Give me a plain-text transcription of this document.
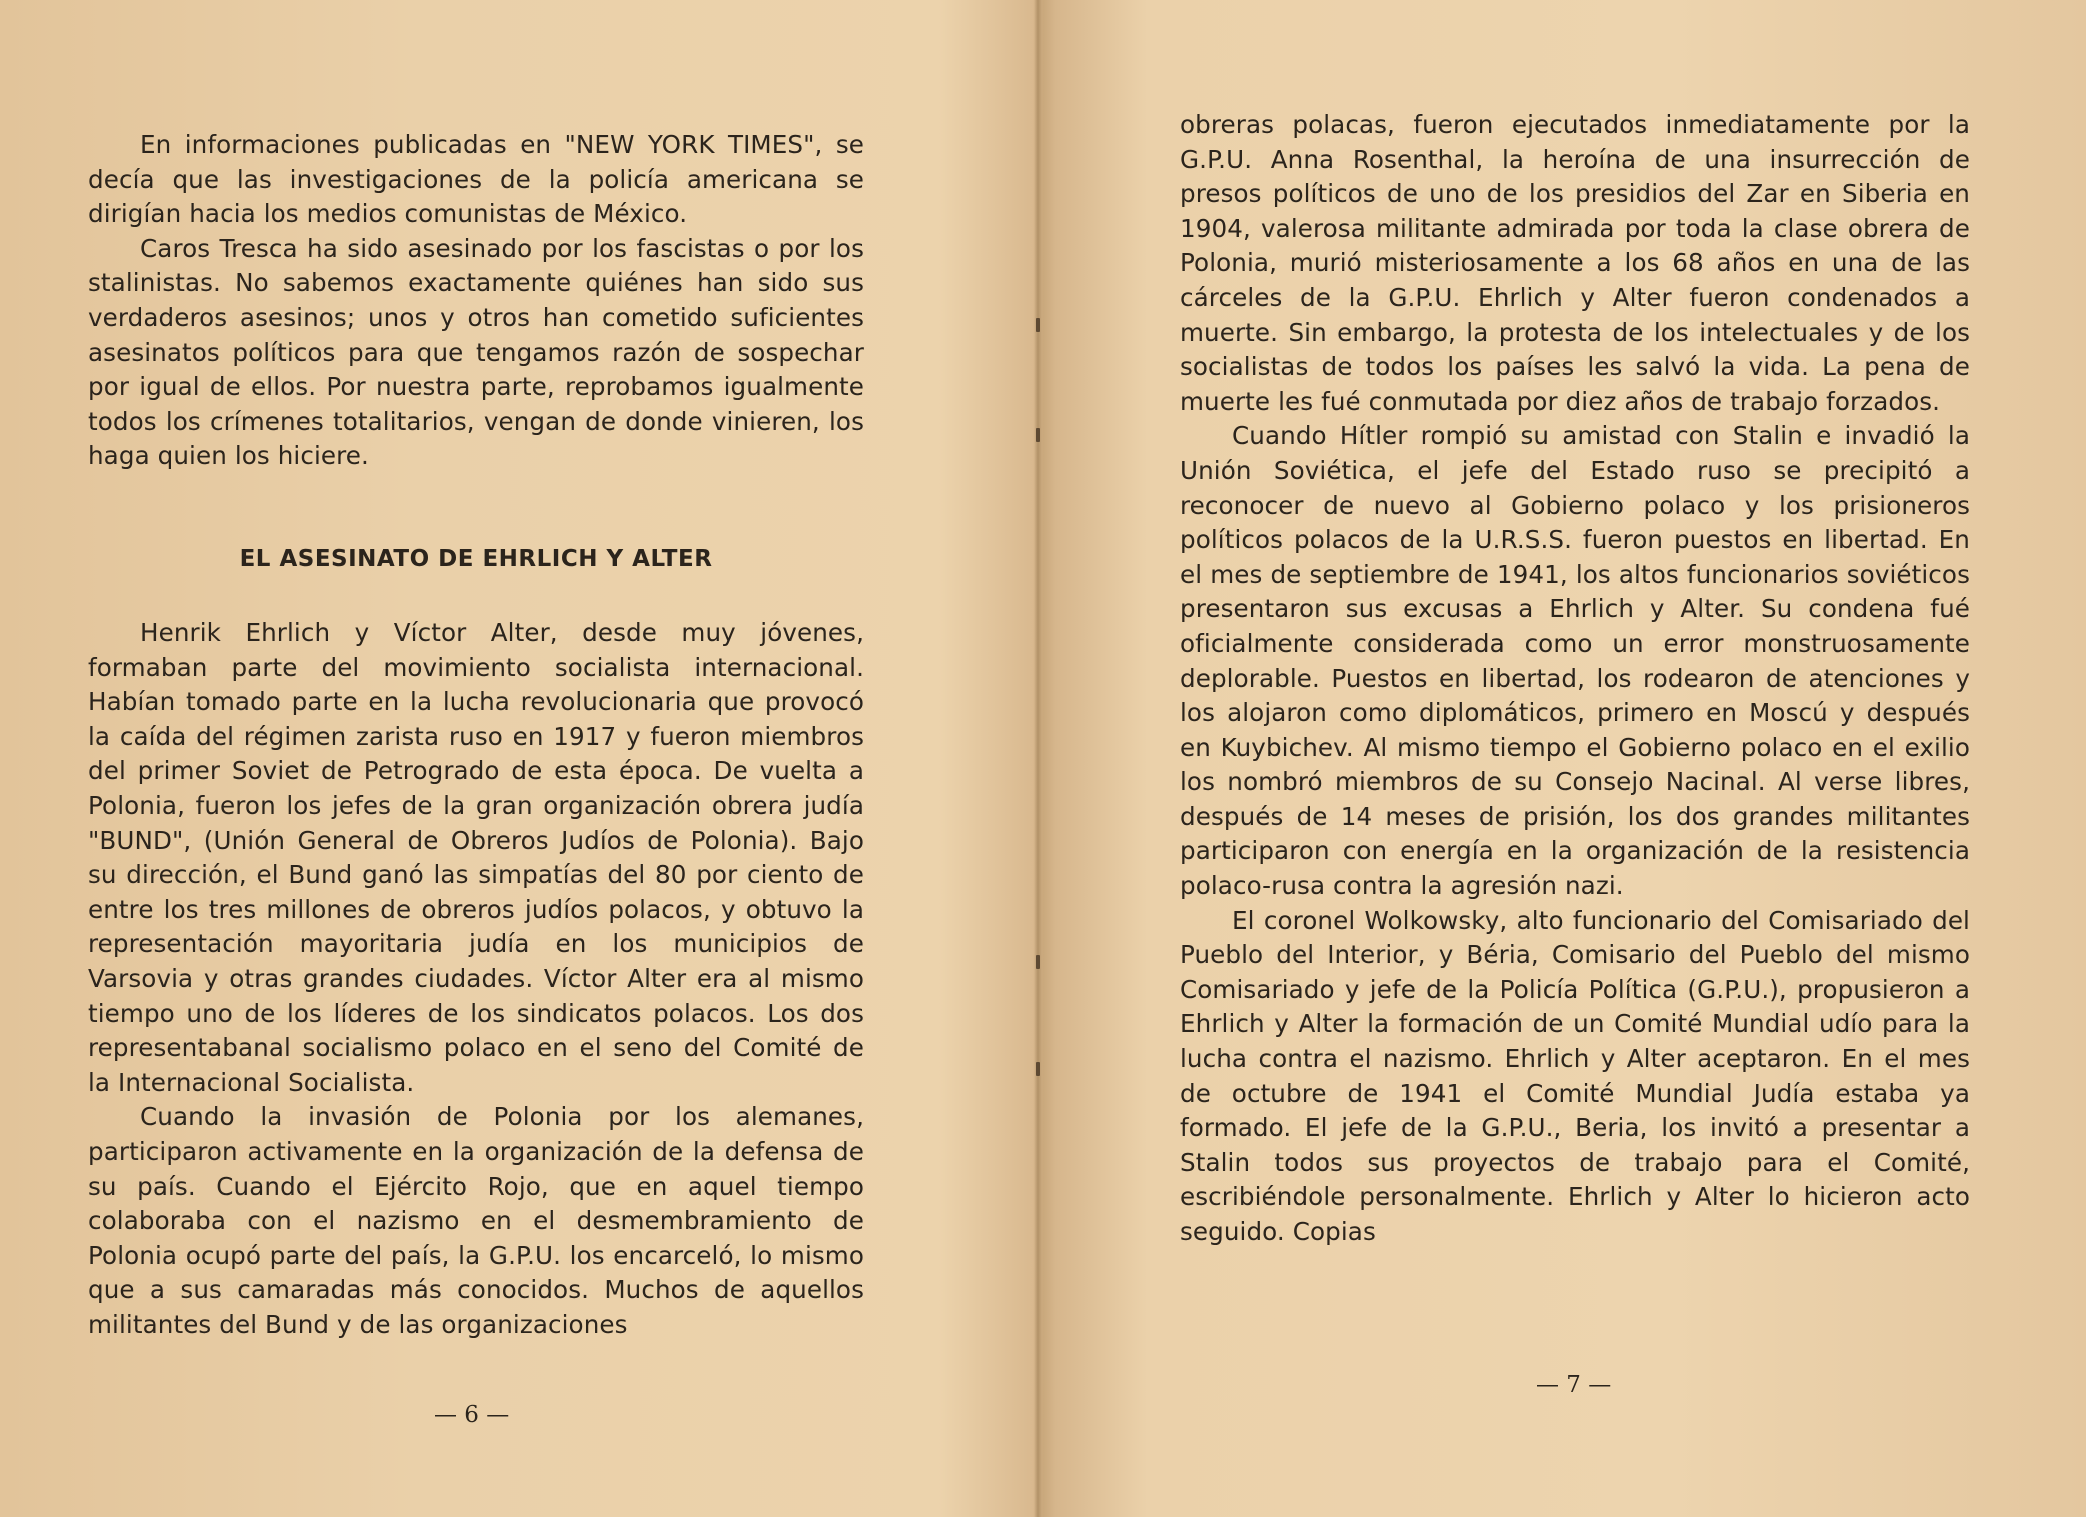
En informaciones publicadas en "NEW YORK TIMES", se decía que las investigaciones de la policía americana se dirigían hacia los medios comunistas de México.

Caros Tresca ha sido asesinado por los fascistas o por los stalinistas. No sabemos exactamente quiénes han sido sus verdaderos asesinos; unos y otros han cometido suficientes asesinatos políticos para que tengamos razón de sospechar por igual de ellos. Por nuestra parte, reprobamos igualmente todos los crímenes totalitarios, vengan de donde vinieren, los haga quien los hiciere.

EL ASESINATO DE EHRLICH Y ALTER

Henrik Ehrlich y Víctor Alter, desde muy jóvenes, formaban parte del movimiento socialista internacional. Habían tomado parte en la lucha revolucionaria que provocó la caída del régimen zarista ruso en 1917 y fueron miembros del primer Soviet de Petrogrado de esta época. De vuelta a Polonia, fueron los jefes de la gran organización obrera judía "BUND", (Unión General de Obreros Judíos de Polonia). Bajo su dirección, el Bund ganó las simpatías del 80 por ciento de entre los tres millones de obreros judíos polacos, y obtuvo la representación mayoritaria judía en los municipios de Varsovia y otras grandes ciudades. Víctor Alter era al mismo tiempo uno de los líderes de los sindicatos polacos. Los dos representabanal socialismo polaco en el seno del Comité de la Internacional Socialista.

Cuando la invasión de Polonia por los alemanes, participaron activamente en la organización de la defensa de su país. Cuando el Ejército Rojo, que en aquel tiempo colaboraba con el nazismo en el desmembramiento de Polonia ocupó parte del país, la G.P.U. los encarceló, lo mismo que a sus camaradas más conocidos. Muchos de aquellos militantes del Bund y de las organizaciones

— 6 —

obreras polacas, fueron ejecutados inmediatamente por la G.P.U. Anna Rosenthal, la heroína de una insurrección de presos políticos de uno de los presidios del Zar en Siberia en 1904, valerosa militante admirada por toda la clase obrera de Polonia, murió misteriosamente a los 68 años en una de las cárceles de la G.P.U. Ehrlich y Alter fueron condenados a muerte. Sin embargo, la protesta de los intelectuales y de los socialistas de todos los países les salvó la vida. La pena de muerte les fué conmutada por diez años de trabajo forzados.

Cuando Hítler rompió su amistad con Stalin e invadió la Unión Soviética, el jefe del Estado ruso se precipitó a reconocer de nuevo al Gobierno polaco y los prisioneros políticos polacos de la U.R.S.S. fueron puestos en libertad. En el mes de septiembre de 1941, los altos funcionarios soviéticos presentaron sus excusas a Ehrlich y Alter. Su condena fué oficialmente considerada como un error monstruosamente deplorable. Puestos en libertad, los rodearon de atenciones y los alojaron como diplomáticos, primero en Moscú y después en Kuybichev. Al mismo tiempo el Gobierno polaco en el exilio los nombró miembros de su Consejo Nacinal. Al verse libres, después de 14 meses de prisión, los dos grandes militantes participaron con energía en la organización de la resistencia polaco-rusa contra la agresión nazi.

El coronel Wolkowsky, alto funcionario del Comisariado del Pueblo del Interior, y Béria, Comisario del Pueblo del mismo Comisariado y jefe de la Policía Política (G.P.U.), propusieron a Ehrlich y Alter la formación de un Comité Mundial udío para la lucha contra el nazismo. Ehrlich y Alter aceptaron. En el mes de octubre de 1941 el Comité Mundial Judía estaba ya formado. El jefe de la G.P.U., Beria, los invitó a presentar a Stalin todos sus proyectos de trabajo para el Comité, escribiéndole personalmente. Ehrlich y Alter lo hicieron acto seguido. Copias

— 7 —
